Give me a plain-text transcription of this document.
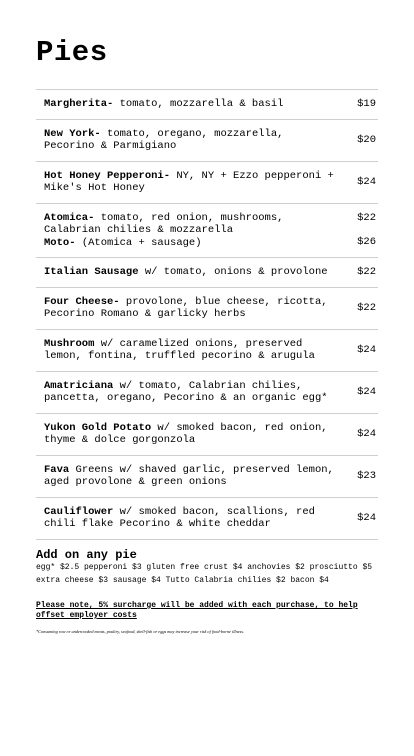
Pies
Margherita- tomato, mozzarella & basil	$19
New York- tomato, oregano, mozzarella, Pecorino & Parmigiano
$20
Hot Honey Pepperoni- NY, NY + Ezzo pepperoni + Mike's Hot Honey
$24
Atomica- tomato, red onion, mushrooms, Calabrian chilies & mozzarella
Moto- (Atomica + sausage)
$22
$26
Italian Sausage w/ tomato, onions & provolone	$22
Four Cheese- provolone, blue cheese, ricotta, Pecorino Romano & garlicky herbs
$22
Mushroom w/ caramelized onions, preserved lemon, fontina, truffled pecorino & arugula
$24
Amatriciana w/ tomato, Calabrian chilies, pancetta, oregano, Pecorino & an organic egg*
$24
Yukon Gold Potato w/ smoked bacon, red onion, thyme & dolce gorgonzola
$24
Fava Greens w/ shaved garlic, preserved lemon, aged provolone & green onions
$23
Cauliflower w/ smoked bacon, scallions, red chili flake Pecorino & white cheddar
$24
Add on any pie
egg* $2.5 pepperoni $3 gluten free crust $4 anchovies $2 prosciutto $5 extra cheese $3 sausage $4 Tutto Calabria chilies $2 bacon $4
Please note, 5% surcharge will be added with each purchase, to help offset employer costs
*Consuming raw or undercooked meats, poultry, seafood, shell-fish or eggs may increase your risk of food-borne illness.
